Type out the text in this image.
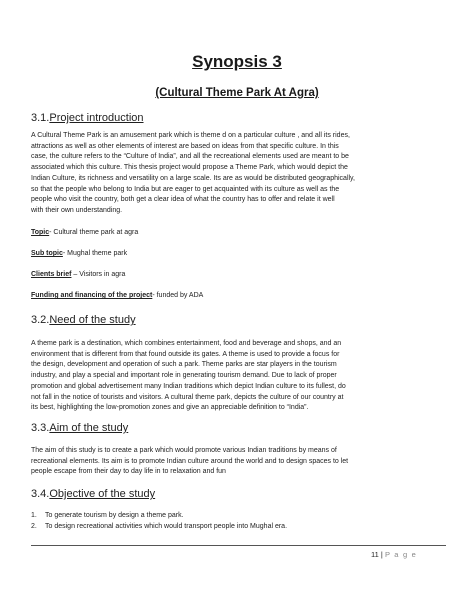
Synopsis 3
(Cultural Theme Park At Agra)
3.1.Project introduction
A Cultural Theme Park is an amusement park which is theme d on a particular culture , and all its rides,
attractions as well as other elements of interest are based on ideas from that specific culture. In this
case, the culture refers to the “Culture of India”, and all the recreational elements used are meant to be
associated which this culture. This thesis project would propose a Theme Park, which would depict the
Indian Culture, its richness and versatility on a large scale. Its are as would be distributed geographically,
so that the people who belong to India but are eager to get acquainted with its culture as well as the
people who visit the country, both get a clear idea of what the country has to offer and relate it well
with their own understanding.
Topic- Cultural theme park at agra
Sub topic- Mughal theme park
Clients brief – Visitors in agra
Funding and financing of the project- funded by ADA
3.2.Need of the study
A theme park is a destination, which combines entertainment, food and beverage and shops, and an
environment that is different from that found outside its gates. A theme is used to provide a focus for
the design, development and operation of such a park. Theme parks are star players in the tourism
industry, and play a special and important role in generating tourism demand. Due to lack of proper
promotion and global advertisement many Indian traditions which depict Indian culture to its fullest, do
not fall in the notice of tourists and visitors. A cultural theme park, depicts the culture of our country at
its best, highlighting the low-promotion zones and give an appreciable definition to “India”.
3.3.Aim of the study
The aim of this study is to create a park which would promote various Indian traditions by means of
recreational elements. Its aim is to promote Indian culture around the world and to design spaces to let
people escape from their day to day life in to relaxation and fun
3.4.Objective of the study
1. To generate tourism by design a theme park.
2. To design recreational activities which would transport people into Mughal era.
11 | P a g e
